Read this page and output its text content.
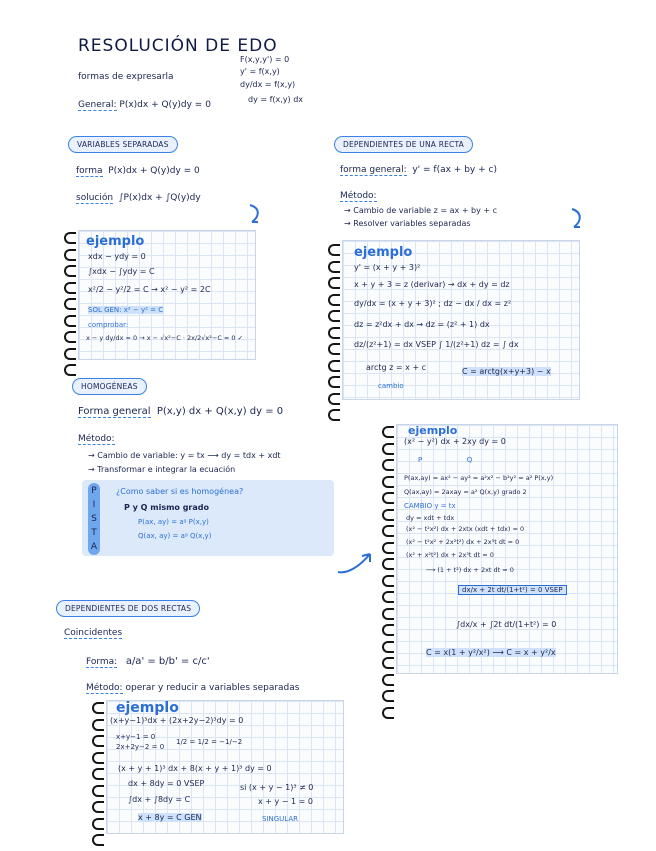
RESOLUCIÓN DE EDO
formas de expresarla
F(x,y,y') = 0
y' = f(x,y)
dy/dx = f(x,y)
dy = f(x,y) dx
General: P(x)dx + Q(y)dy = 0
VARIABLES SEPARADAS
forma P(x)dx + Q(y)dy = 0
solución ∫P(x)dx + ∫Q(y)dy
ejemplo
xdx − ydy = 0
∫xdx − ∫ydy = C
x²/2 − y²/2 = C → x² − y² = 2C
SOL GEN: x² − y² = C
comprobar:
x − y dy/dx = 0 → x − √x²−C · 2x/2√x²−C = 0 ✓
DEPENDIENTES DE UNA RECTA
forma general: y' = f(ax + by + c)
Método:
→ Cambio de variable z = ax + by + c
→ Resolver variables separadas
ejemplo
y' = (x + y + 3)²
x + y + 3 = z (derivar) → dx + dy = dz
dy/dx = (x + y + 3)² ; dz − dx / dx = z²
dz = z²dx + dx → dz = (z² + 1) dx
dz/(z²+1) = dx VSEP ∫ 1/(z²+1) dz = ∫ dx
arctg z = x + c
cambio
C = arctg(x+y+3) − x
HOMOGÉNEAS
Forma general P(x,y) dx + Q(x,y) dy = 0
Método:
→ Cambio de variable: y = tx ⟶ dy = tdx + xdt
→ Transformar e integrar la ecuación
P
I
S
T
A
¿Como saber si es homogénea?
P y Q mismo grado
P(ax, ay) = aᵍ P(x,y)
Q(ax, ay) = aᵍ Q(x,y)
ejemplo
(x² − y²) dx + 2xy dy = 0
P                    Q
P(ax,ay) = ax² − ay² = a²x² − b²y² = a² P(x,y)
Q(ax,ay) = 2axay = a² Q(x,y) grado 2
CAMBIO y = tx
dy = xdt + tdx
(x² − t²x²) dx + 2xtx (xdt + tdx) = 0
(x² − t²x² + 2x²t²) dx + 2x³t dt = 0
(x² + x²t²) dx + 2x³t dt = 0
⟶ (1 + t²) dx + 2xt dt = 0
dx/x + 2t dt/(1+t²) = 0 VSEP
∫dx/x + ∫2t dt/(1+t²) = 0
C = x(1 + y²/x²) ⟶ C = x + y²/x
DEPENDIENTES DE DOS RECTAS
Coincidentes
Forma: a/a' = b/b' = c/c'
Método: operar y reducir a variables separadas
ejemplo
(x+y−1)³dx + (2x+2y−2)³dy = 0
x+y−1 = 0
2x+2y−2 = 0
1/2 = 1/2 = −1/−2
(x + y + 1)³ dx + 8(x + y + 1)³ dy = 0
dx + 8dy = 0 VSEP	si (x + y − 1)³ ≠ 0
∫dx + ∫8dy = C	x + y − 1 = 0
x + 8y = C GEN	SINGULAR
